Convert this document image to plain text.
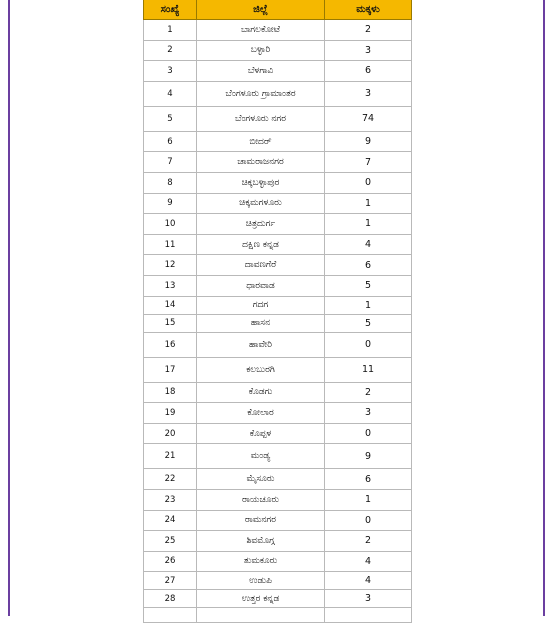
ಸಂಖ್ಯೆ	ಜಿಲ್ಲೆ	ಮಕ್ಕಳು
1	ಬಾಗಲಕೋಟೆ	2
2	ಬಳ್ಳಾರಿ	3
3	ಬೆಳಗಾವಿ	6
4	ಬೆಂಗಳೂರು ಗ್ರಾಮಾಂತರ	3
5	ಬೆಂಗಳೂರು ನಗರ	74
6	ಬೀದರ್	9
7	ಚಾಮರಾಜನಗರ	7
8	ಚಿಕ್ಕಬಳ್ಳಾಪುರ	0
9	ಚಿಕ್ಕಮಗಳೂರು	1
10	ಚಿತ್ರದುರ್ಗ	1
11	ದಕ್ಷಿಣ ಕನ್ನಡ	4
12	ದಾವಣಗೆರೆ	6
13	ಧಾರವಾಡ	5
14	ಗದಗ	1
15	ಹಾಸನ	5
16	ಹಾವೇರಿ	0
17	ಕಲಬುರಗಿ	11
18	ಕೊಡಗು	2
19	ಕೋಲಾರ	3
20	ಕೊಪ್ಪಳ	0
21	ಮಂಡ್ಯ	9
22	ಮೈಸೂರು	6
23	ರಾಯಚೂರು	1
24	ರಾಮನಗರ	0
25	ಶಿವಮೊಗ್ಗ	2
26	ತುಮಕೂರು	4
27	ಉಡುಪಿ	4
28	ಉತ್ತರ ಕನ್ನಡ	3
